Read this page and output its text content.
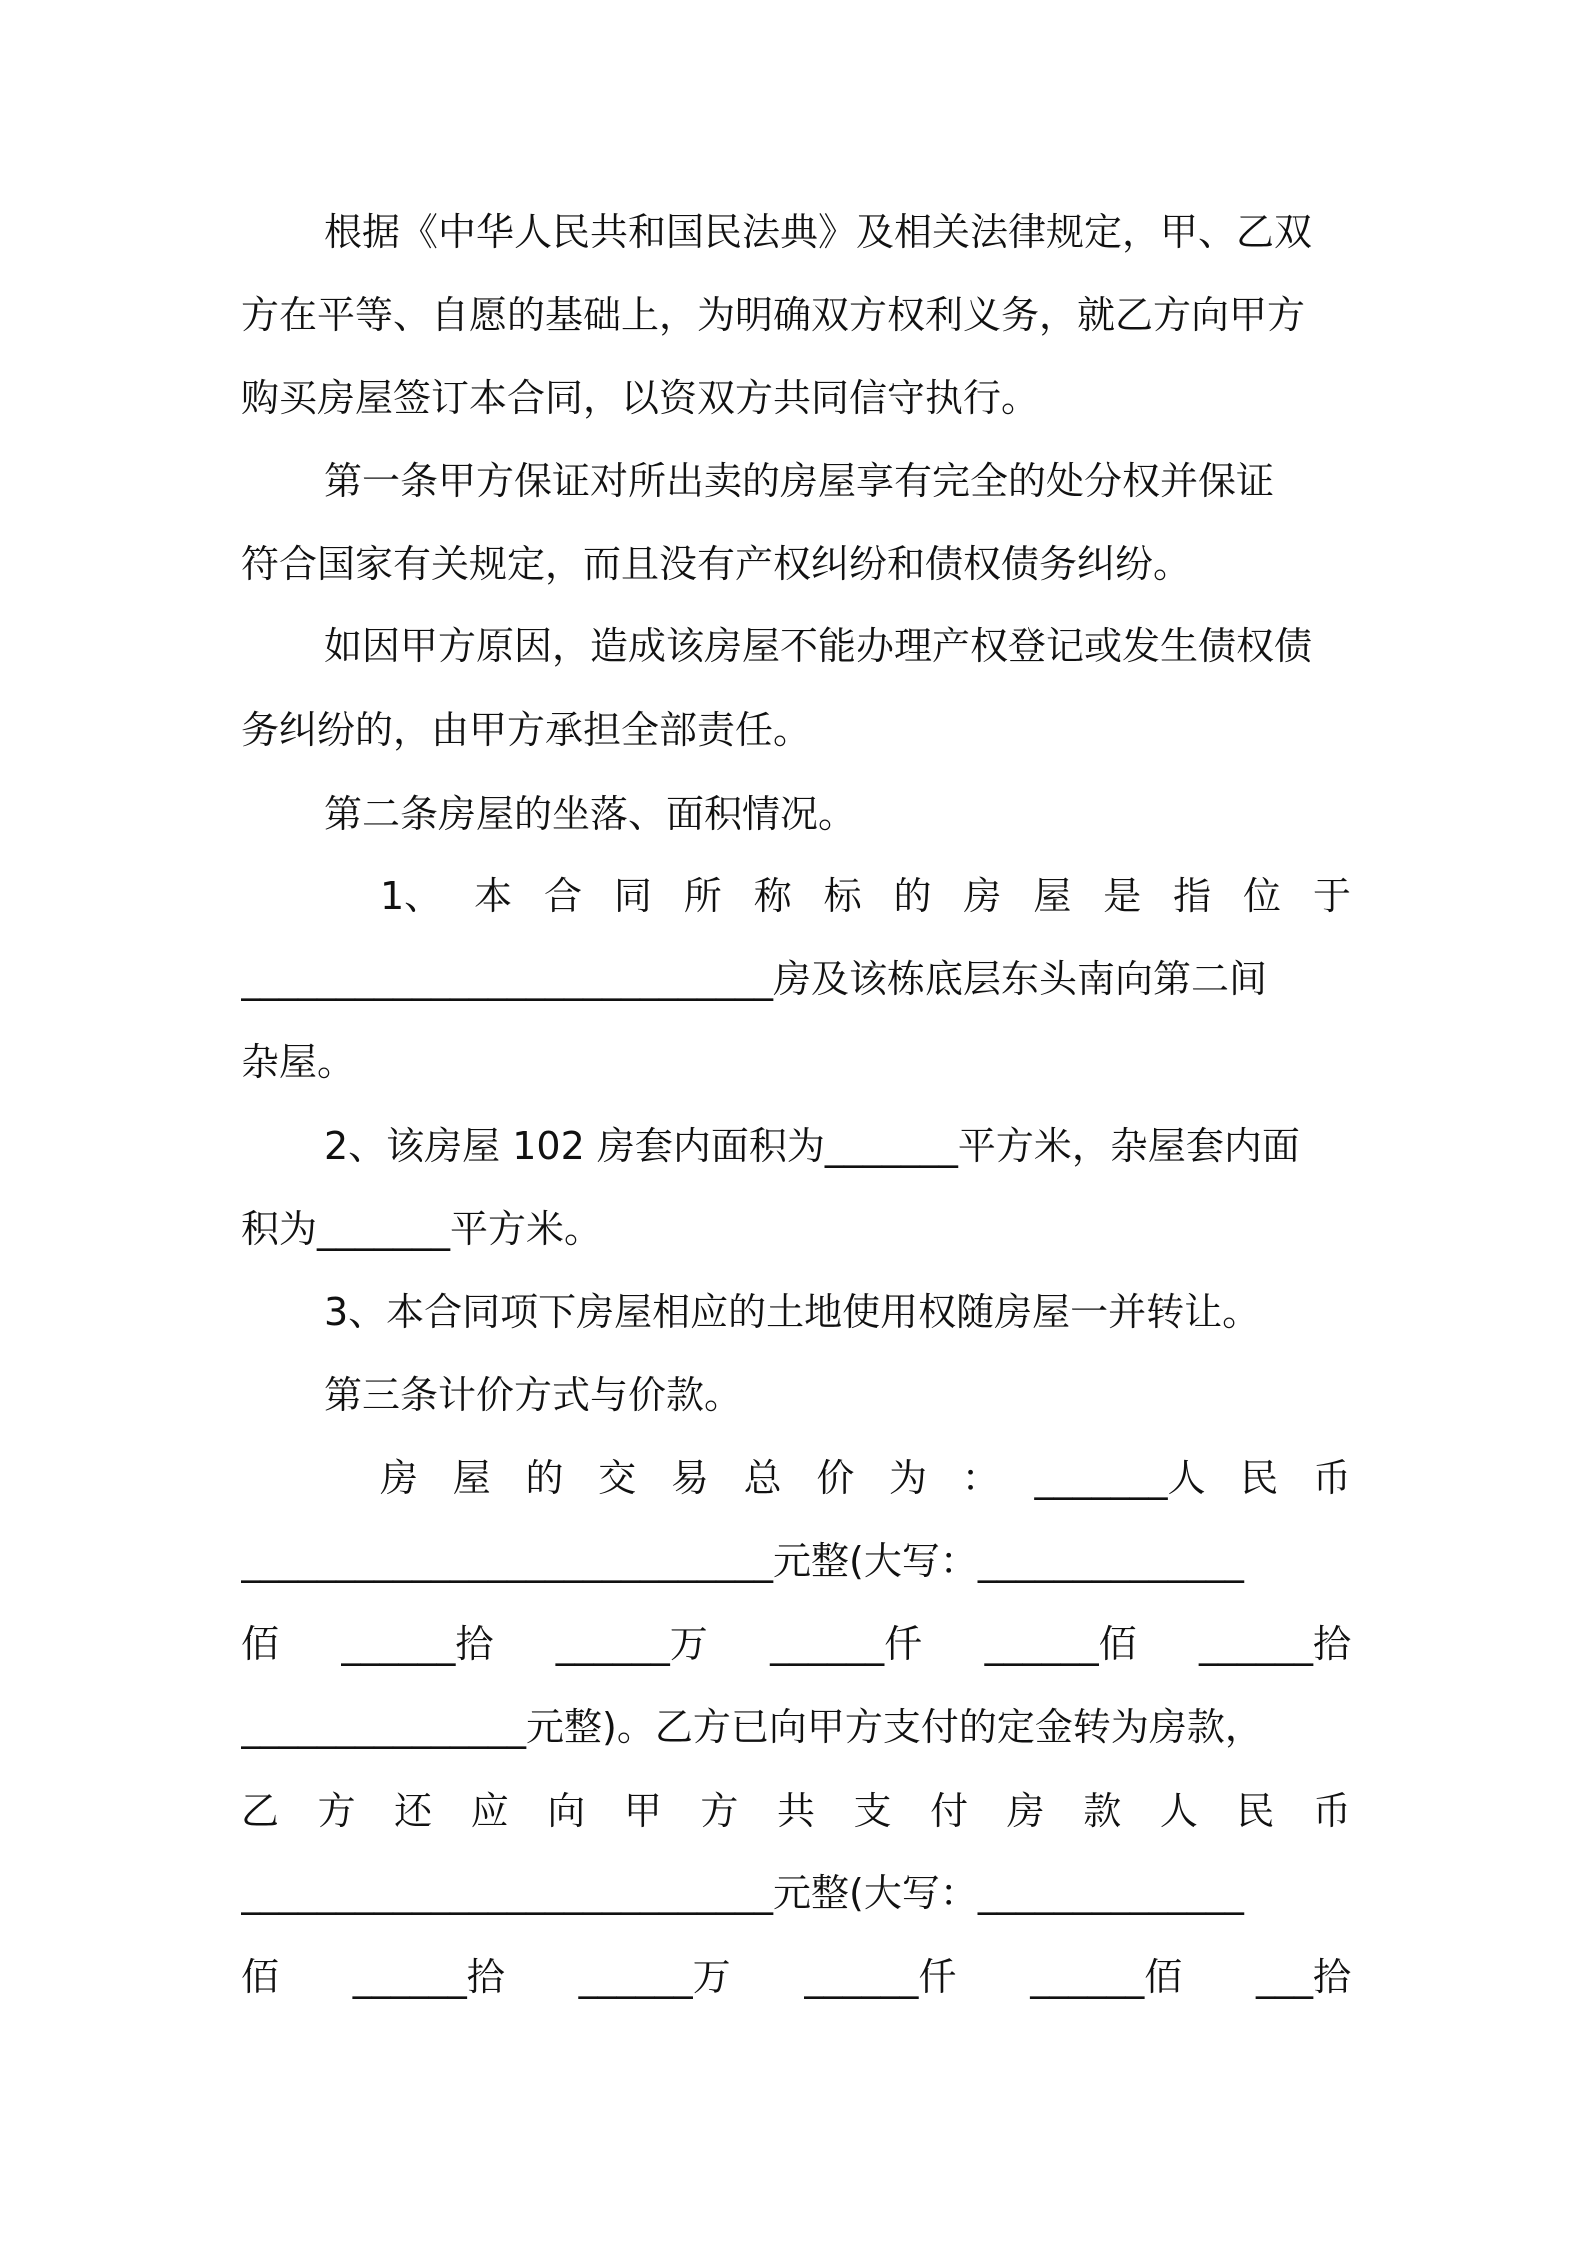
根据《中华人民共和国民法典》及相关法律规定，甲、乙双
方在平等、自愿的基础上，为明确双方权利义务，就乙方向甲方
购买房屋签订本合同，以资双方共同信守执行。
第一条甲方保证对所出卖的房屋享有完全的处分权并保证
符合国家有关规定，而且没有产权纠纷和债权债务纠纷。
如因甲方原因，造成该房屋不能办理产权登记或发生债权债
务纠纷的，由甲方承担全部责任。
第二条房屋的坐落、面积情况。
1、 本 合 同 所 称 标 的 房 屋 是 指 位 于
____________________________房及该栋底层东头南向第二间
杂屋。
2、该房屋 102 房套内面积为_______平方米，杂屋套内面
积为_______平方米。
3、本合同项下房屋相应的土地使用权随房屋一并转让。
第三条计价方式与价款。
房 屋 的 交 易 总 价 为 ： _______人 民 币
____________________________元整(大写：______________
佰 ______拾 ______万 ______仟 ______佰 ______拾
_______________元整)。乙方已向甲方支付的定金转为房款，
乙 方 还 应 向 甲 方 共 支 付 房 款 人 民 币
____________________________元整(大写：______________
佰 ______拾 ______万 ______仟 ______佰 ___拾
